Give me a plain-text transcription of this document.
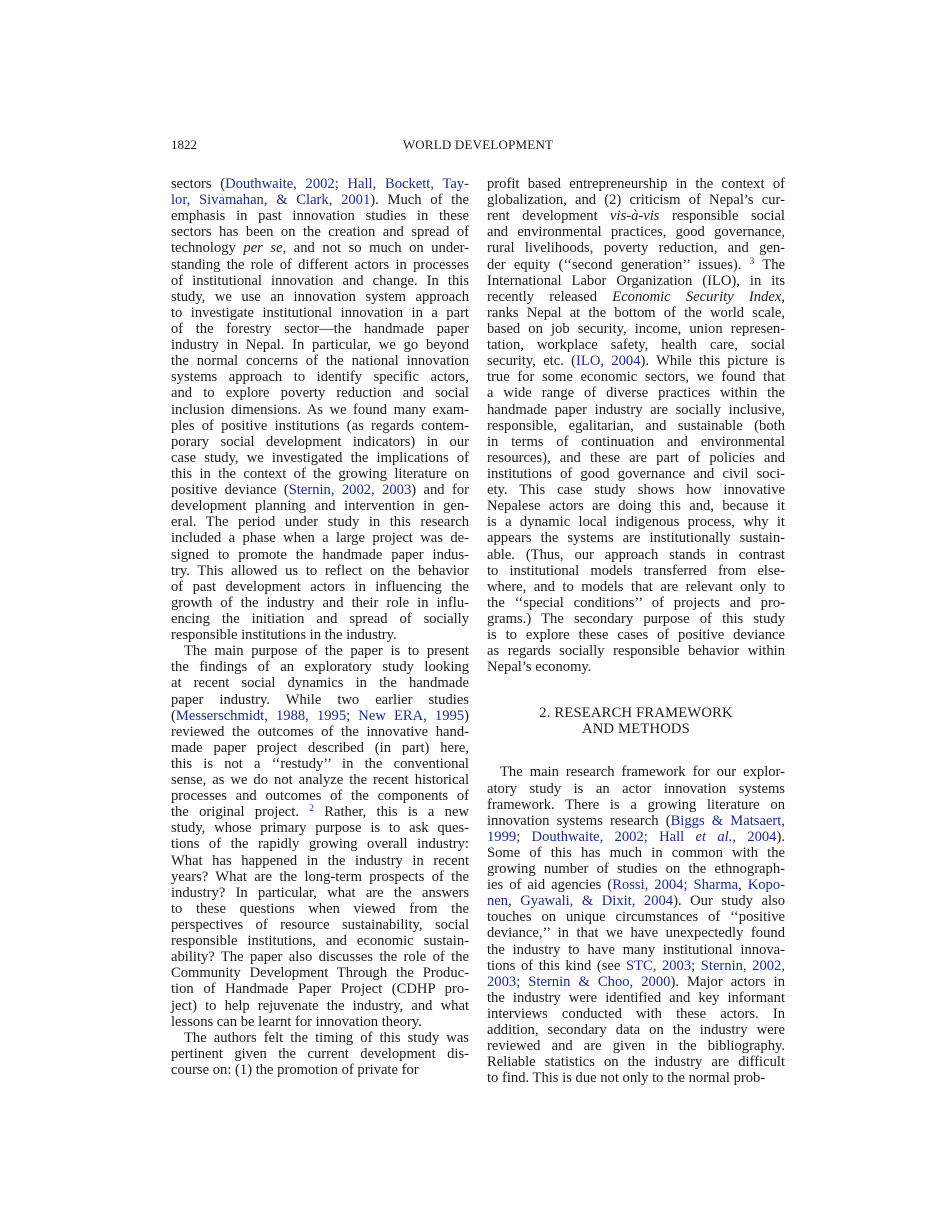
1822	WORLD DEVELOPMENT
sectors (Douthwaite, 2002; Hall, Bockett, Tay-
lor, Sivamahan, & Clark, 2001). Much of the
emphasis in past innovation studies in these
sectors has been on the creation and spread of
technology per se, and not so much on under-
standing the role of different actors in processes
of institutional innovation and change. In this
study, we use an innovation system approach
to investigate institutional innovation in a part
of the forestry sector—the handmade paper
industry in Nepal. In particular, we go beyond
the normal concerns of the national innovation
systems approach to identify specific actors,
and to explore poverty reduction and social
inclusion dimensions. As we found many exam-
ples of positive institutions (as regards contem-
porary social development indicators) in our
case study, we investigated the implications of
this in the context of the growing literature on
positive deviance (Sternin, 2002, 2003) and for
development planning and intervention in gen-
eral. The period under study in this research
included a phase when a large project was de-
signed to promote the handmade paper indus-
try. This allowed us to reflect on the behavior
of past development actors in influencing the
growth of the industry and their role in influ-
encing the initiation and spread of socially
responsible institutions in the industry.
The main purpose of the paper is to present
the findings of an exploratory study looking
at recent social dynamics in the handmade
paper industry. While two earlier studies
(Messerschmidt, 1988, 1995; New ERA, 1995)
reviewed the outcomes of the innovative hand-
made paper project described (in part) here,
this is not a ‘‘restudy’’ in the conventional
sense, as we do not analyze the recent historical
processes and outcomes of the components of
the original project. $^2$ Rather, this is a new
study, whose primary purpose is to ask ques-
tions of the rapidly growing overall industry:
What has happened in the industry in recent
years? What are the long-term prospects of the
industry? In particular, what are the answers
to these questions when viewed from the
perspectives of resource sustainability, social
responsible institutions, and economic sustain-
ability? The paper also discusses the role of the
Community Development Through the Produc-
tion of Handmade Paper Project (CDHP pro-
ject) to help rejuvenate the industry, and what
lessons can be learnt for innovation theory.
The authors felt the timing of this study was
pertinent given the current development dis-
course on: (1) the promotion of private for
profit based entrepreneurship in the context of
globalization, and (2) criticism of Nepal’s cur-
rent development vis-à-vis responsible social
and environmental practices, good governance,
rural livelihoods, poverty reduction, and gen-
der equity (‘‘second generation’’ issues). $^3$ The
International Labor Organization (ILO), in its
recently released Economic Security Index,
ranks Nepal at the bottom of the world scale,
based on job security, income, union represen-
tation, workplace safety, health care, social
security, etc. (ILO, 2004). While this picture is
true for some economic sectors, we found that
a wide range of diverse practices within the
handmade paper industry are socially inclusive,
responsible, egalitarian, and sustainable (both
in terms of continuation and environmental
resources), and these are part of policies and
institutions of good governance and civil soci-
ety. This case study shows how innovative
Nepalese actors are doing this and, because it
is a dynamic local indigenous process, why it
appears the systems are institutionally sustain-
able. (Thus, our approach stands in contrast
to institutional models transferred from else-
where, and to models that are relevant only to
the ‘‘special conditions’’ of projects and pro-
grams.) The secondary purpose of this study
is to explore these cases of positive deviance
as regards socially responsible behavior within
Nepal’s economy.
2. RESEARCH FRAMEWORK
AND METHODS
The main research framework for our explor-
atory study is an actor innovation systems
framework. There is a growing literature on
innovation systems research (Biggs & Matsaert,
1999; Douthwaite, 2002; Hall et al., 2004).
Some of this has much in common with the
growing number of studies on the ethnograph-
ies of aid agencies (Rossi, 2004; Sharma, Kopo-
nen, Gyawali, & Dixit, 2004). Our study also
touches on unique circumstances of ‘‘positive
deviance,’’ in that we have unexpectedly found
the industry to have many institutional innova-
tions of this kind (see STC, 2003; Sternin, 2002,
2003; Sternin & Choo, 2000). Major actors in
the industry were identified and key informant
interviews conducted with these actors. In
addition, secondary data on the industry were
reviewed and are given in the bibliography.
Reliable statistics on the industry are difficult
to find. This is due not only to the normal prob-
